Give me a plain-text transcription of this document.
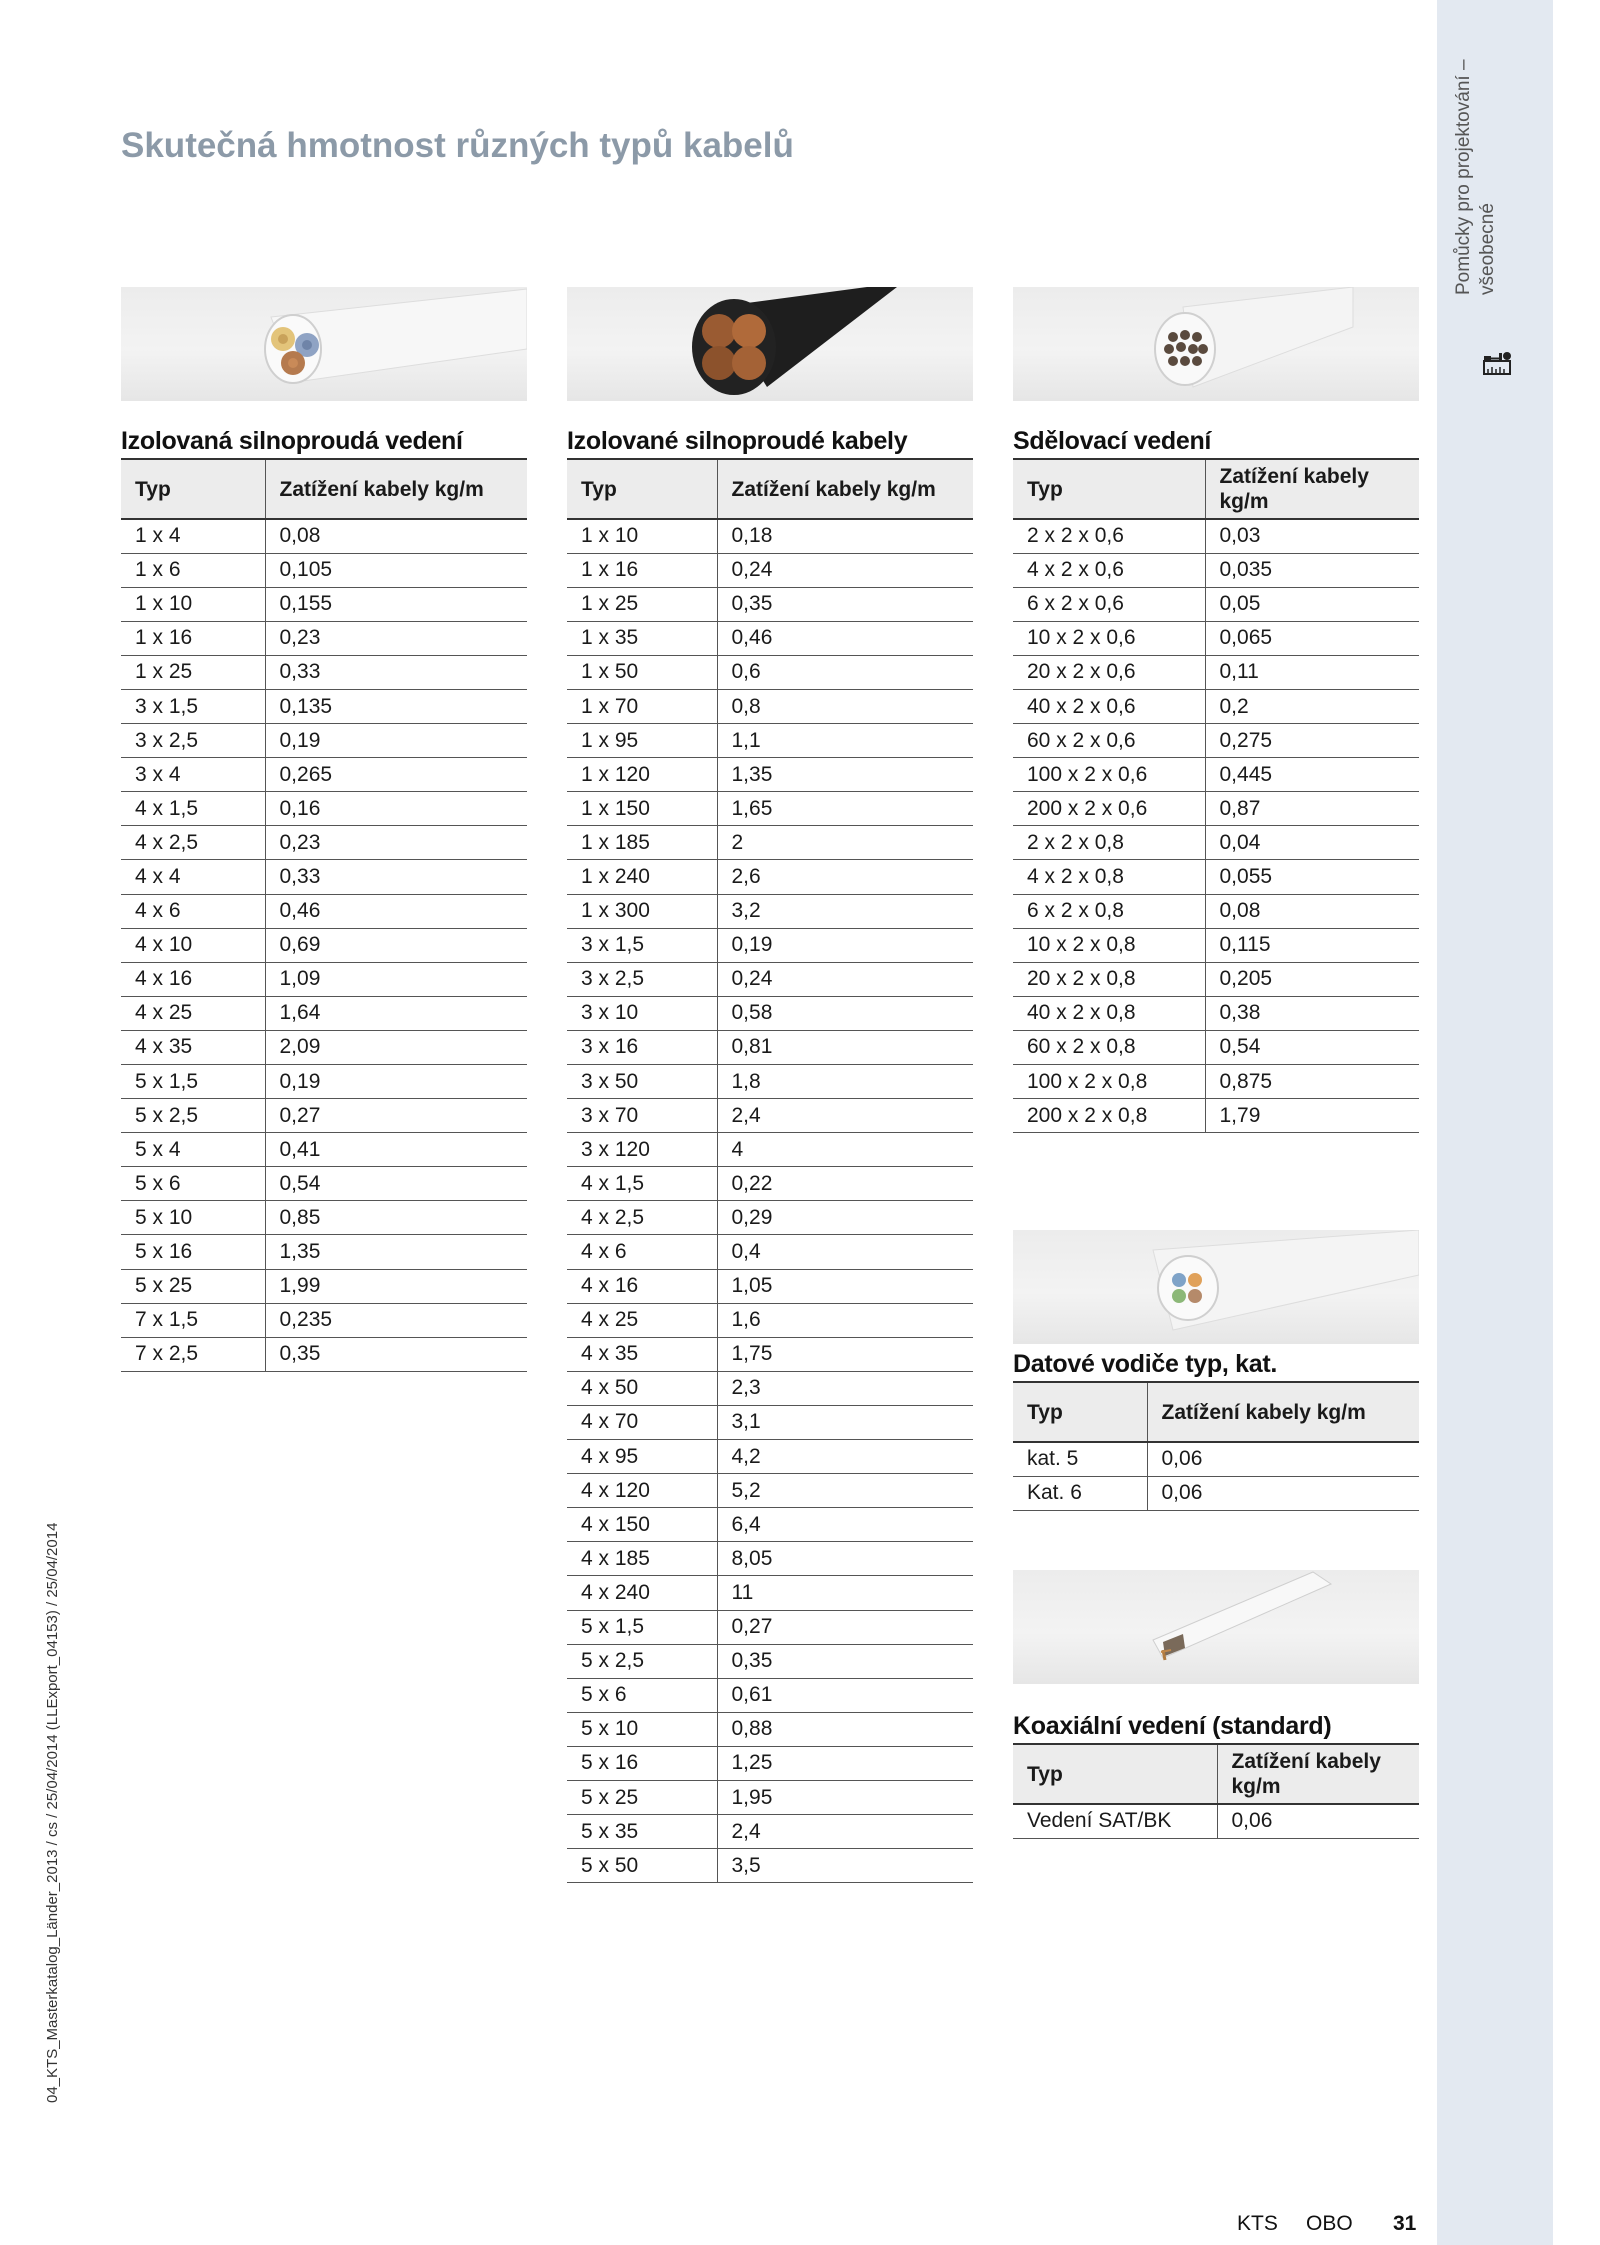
Pomůcky pro projektování – všeobecné
Skutečná hmotnost různých typů kabelů
Izolovaná silnoproudá vedení
Typ	Zatížení kabely kg/m
1 x 4	0,08
1 x 6	0,105
1 x 10	0,155
1 x 16	0,23
1 x 25	0,33
3 x 1,5	0,135
3 x 2,5	0,19
3 x 4	0,265
4 x 1,5	0,16
4 x 2,5	0,23
4 x 4	0,33
4 x 6	0,46
4 x 10	0,69
4 x 16	1,09
4 x 25	1,64
4 x 35	2,09
5 x 1,5	0,19
5 x 2,5	0,27
5 x 4	0,41
5 x 6	0,54
5 x 10	0,85
5 x 16	1,35
5 x 25	1,99
7 x 1,5	0,235
7 x 2,5	0,35
Izolované silnoproudé kabely
Typ	Zatížení kabely kg/m
1 x 10	0,18
1 x 16	0,24
1 x 25	0,35
1 x 35	0,46
1 x 50	0,6
1 x 70	0,8
1 x 95	1,1
1 x 120	1,35
1 x 150	1,65
1 x 185	2
1 x 240	2,6
1 x 300	3,2
3 x 1,5	0,19
3 x 2,5	0,24
3 x 10	0,58
3 x 16	0,81
3 x 50	1,8
3 x 70	2,4
3 x 120	4
4 x 1,5	0,22
4 x 2,5	0,29
4 x 6	0,4
4 x 16	1,05
4 x 25	1,6
4 x 35	1,75
4 x 50	2,3
4 x 70	3,1
4 x 95	4,2
4 x 120	5,2
4 x 150	6,4
4 x 185	8,05
4 x 240	11
5 x 1,5	0,27
5 x 2,5	0,35
5 x 6	0,61
5 x 10	0,88
5 x 16	1,25
5 x 25	1,95
5 x 35	2,4
5 x 50	3,5
Sdělovací vedení
Typ	Zatížení kabely kg/m
2 x 2 x 0,6	0,03
4 x 2 x 0,6	0,035
6 x 2 x 0,6	0,05
10 x 2 x 0,6	0,065
20 x 2 x 0,6	0,11
40 x 2 x 0,6	0,2
60 x 2 x 0,6	0,275
100 x 2 x 0,6	0,445
200 x 2 x 0,6	0,87
2 x 2 x 0,8	0,04
4 x 2 x 0,8	0,055
6 x 2 x 0,8	0,08
10 x 2 x 0,8	0,115
20 x 2 x 0,8	0,205
40 x 2 x 0,8	0,38
60 x 2 x 0,8	0,54
100 x 2 x 0,8	0,875
200 x 2 x 0,8	1,79
Datové vodiče typ, kat.
Typ	Zatížení kabely kg/m
kat. 5	0,06
Kat. 6	0,06
Koaxiální vedení (standard)
Typ	Zatížení kabely kg/m
Vedení SAT/BK	0,06
04_KTS_Masterkatalog_Länder_2013 / cs / 25/04/2014 (LLExport_04153) / 25/04/2014
KTS OBO 31
